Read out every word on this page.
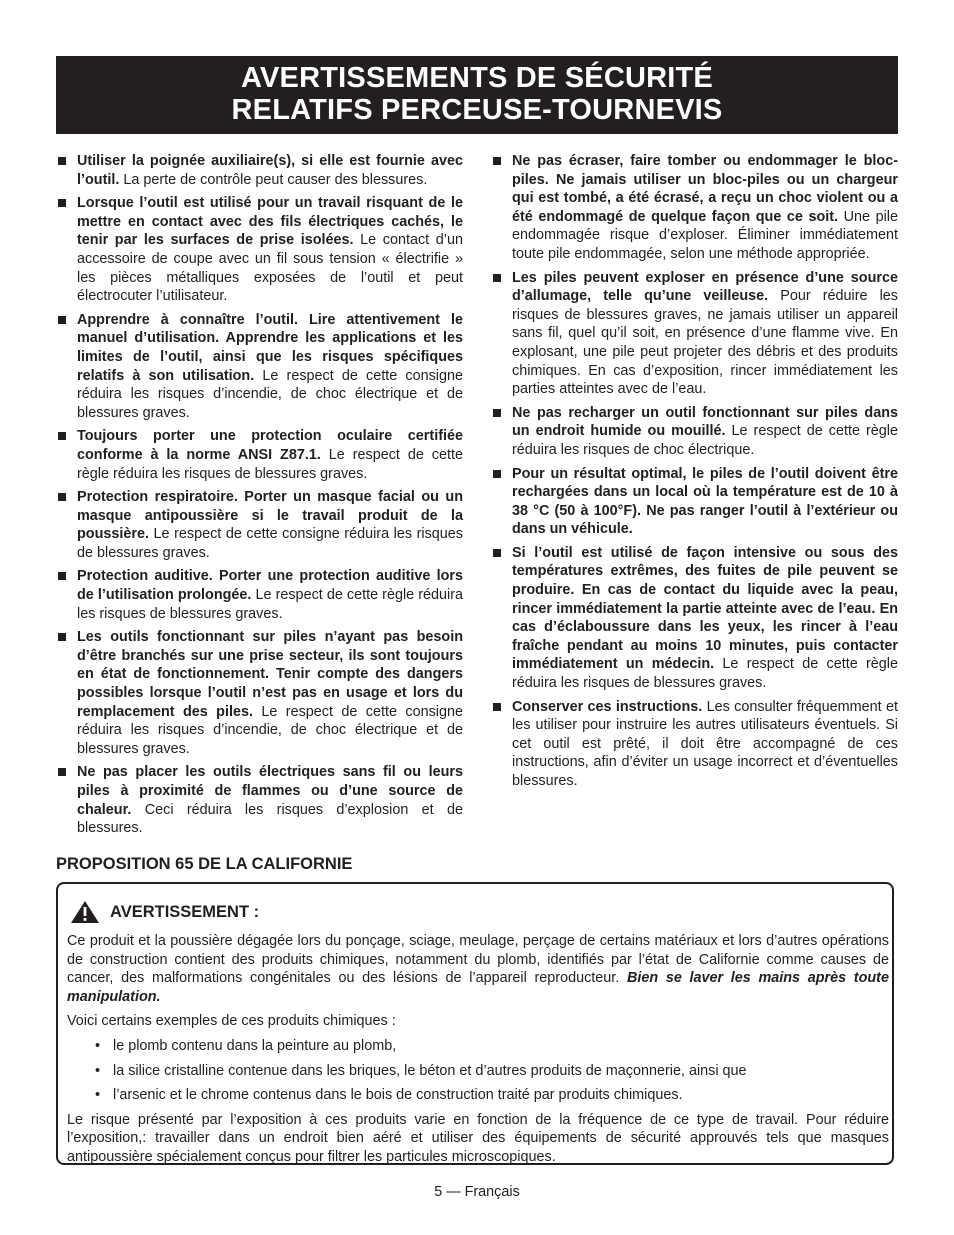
AVERTISSEMENTS DE SÉCURITÉ
RELATIFS PERCEUSE-TOURNEVIS
Utiliser la poignée auxiliaire(s), si elle est fournie avec l’outil. La perte de contrôle peut causer des blessures.
Lorsque l’outil est utilisé pour un travail risquant de le mettre en contact avec des fils électriques cachés, le tenir par les surfaces de prise isolées. Le contact d’un accessoire de coupe avec un fil sous tension « électrifie » les pièces métalliques exposées de l’outil et peut électrocuter l’utilisateur.
Apprendre à connaître l’outil. Lire attentivement le manuel d’utilisation. Apprendre les applications et les limites de l’outil, ainsi que les risques spécifiques relatifs à son utilisation. Le respect de cette consigne réduira les risques d’incendie, de choc électrique et de blessures graves.
Toujours porter une protection oculaire certifiée conforme à la norme ANSI Z87.1. Le respect de cette règle réduira les risques de blessures graves.
Protection respiratoire. Porter un masque facial ou un masque antipoussière si le travail produit de la poussière. Le respect de cette consigne réduira les risques de blessures graves.
Protection auditive. Porter une protection auditive lors de l’utilisation prolongée. Le respect de cette règle réduira les risques de blessures graves.
Les outils fonctionnant sur piles n’ayant pas besoin d’être branchés sur une prise secteur, ils sont toujours en état de fonctionnement. Tenir compte des dangers possibles lorsque l’outil n’est pas en usage et lors du remplacement des piles. Le respect de cette consigne réduira les risques d’incendie, de choc électrique et de blessures graves.
Ne pas placer les outils électriques sans fil ou leurs piles à proximité de flammes ou d’une source de chaleur. Ceci réduira les risques d’explosion et de blessures.
Ne pas écraser, faire tomber ou endommager le bloc-piles. Ne jamais utiliser un bloc-piles ou un chargeur qui est tombé, a été écrasé, a reçu un choc violent ou a été endommagé de quelque façon que ce soit. Une pile endommagée risque d’exploser. Éliminer immédiatement toute pile endommagée, selon une méthode appropriée.
Les piles peuvent exploser en présence d’une source d’allumage, telle qu’une veilleuse. Pour réduire les risques de blessures graves, ne jamais utiliser un appareil sans fil, quel qu’il soit, en présence d’une flamme vive. En explosant, une pile peut projeter des débris et des produits chimiques. En cas d’exposition, rincer immédiatement les parties atteintes avec de l’eau.
Ne pas recharger un outil fonctionnant sur piles dans un endroit humide ou mouillé. Le respect de cette règle réduira les risques de choc électrique.
Pour un résultat optimal, le piles de l’outil doivent être rechargées dans un local où la température est de 10 à 38 °C (50 à 100°F). Ne pas ranger l’outil à l’extérieur ou dans un véhicule.
Si l’outil est utilisé de façon intensive ou sous des températures extrêmes, des fuites de pile peuvent se produire. En cas de contact du liquide avec la peau, rincer immédiatement la partie atteinte avec de l’eau. En cas d’éclaboussure dans les yeux, les rincer à l’eau fraîche pendant au moins 10 minutes, puis contacter immédiatement un médecin. Le respect de cette règle réduira les risques de blessures graves.
Conserver ces instructions. Les consulter fréquemment et les utiliser pour instruire les autres utilisateurs éventuels. Si cet outil est prêté, il doit être accompagné de ces instructions, afin d’éviter un usage incorrect et d’éventuelles blessures.
PROPOSITION 65 DE LA CALIFORNIE
AVERTISSEMENT :

Ce produit et la poussière dégagée lors du ponçage, sciage, meulage, perçage de certains matériaux et lors d’autres opérations de construction contient des produits chimiques, notamment du plomb, identifiés par l’état de Californie comme causes de cancer, des malformations congénitales ou des lésions de l’appareil reproducteur. Bien se laver les mains après toute manipulation.

Voici certains exemples de ces produits chimiques :

• le plomb contenu dans la peinture au plomb,
• la silice cristalline contenue dans les briques, le béton et d’autres produits de maçonnerie, ainsi que
• l’arsenic et le chrome contenus dans le bois de construction traité par produits chimiques.

Le risque présenté par l’exposition à ces produits varie en fonction de la fréquence de ce type de travail. Pour réduire l’exposition,: travailler dans un endroit bien aéré et utiliser des équipements de sécurité approuvés tels que masques antipoussière spécialement conçus pour filtrer les particules microscopiques.

5 — Français
